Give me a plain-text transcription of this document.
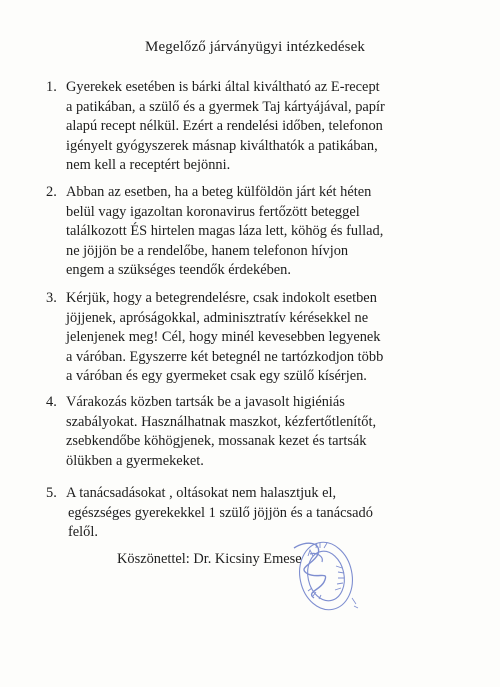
Megelőző járványügyi intézkedések
1. Gyerekek esetében is bárki által kiváltható az E-recept
a patikában, a szülő és a gyermek Taj kártyájával, papír
alapú recept nélkül. Ezért a rendelési időben, telefonon
igényelt gyógyszerek másnap kiválthatók a patikában,
nem kell a receptért bejönni.
2. Abban az esetben, ha a beteg külföldön járt két héten
belül vagy igazoltan koronavirus fertőzött beteggel
találkozott ÉS hirtelen magas láza lett, köhög és fullad,
ne jöjjön be a rendelőbe, hanem telefonon hívjon
engem a szükséges teendők érdekében.
3. Kérjük, hogy a betegrendelésre, csak indokolt esetben
jöjjenek, apróságokkal, adminisztratív kérésekkel ne
jelenjenek meg! Cél, hogy minél kevesebben legyenek
a váróban. Egyszerre két betegnél ne tartózkodjon több
a váróban és egy gyermeket csak egy szülő kísérjen.
4. Várakozás közben tartsák be a javasolt higiéniás
szabályokat. Használhatnak maszkot, kézfertőtlenítőt,
zsebkendőbe köhögjenek, mossanak kezet és tartsák
ölükben a gyermekeket.
5. A tanácsadásokat , oltásokat nem halasztjuk el,
egészséges gyerekekkel 1 szülő jöjjön és a tanácsadó
felől.
Köszönettel: Dr. Kicsiny Emese
